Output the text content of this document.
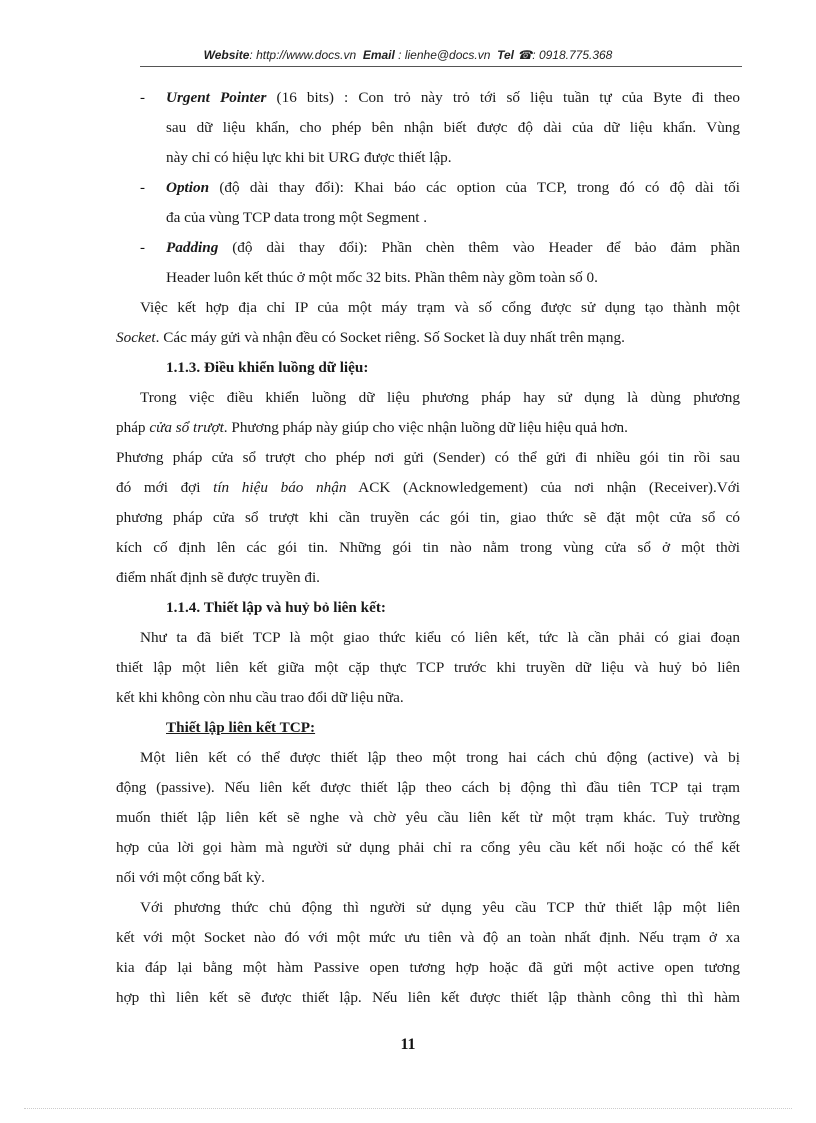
Website: http://www.docs.vn Email : lienhe@docs.vn Tel ☎: 0918.775.368
- Urgent Pointer (16 bits) : Con trỏ này trỏ tới số liệu tuần tự của Byte đi theo
sau dữ liệu khẩn, cho phép bên nhận biết được độ dài của dữ liệu khẩn. Vùng
này chỉ có hiệu lực khi bit URG được thiết lập.
- Option (độ dài thay đổi): Khai báo các option của TCP, trong đó có độ dài tối
đa của vùng TCP data trong một Segment .
- Padding (độ dài thay đổi): Phần chèn thêm vào Header để bảo đảm phần
Header luôn kết thúc ở một mốc 32 bits. Phần thêm này gồm toàn số 0.
Việc kết hợp địa chỉ IP của một máy trạm và số cổng được sử dụng tạo thành một
Socket. Các máy gửi và nhận đều có Socket riêng. Số Socket là duy nhất trên mạng.
1.1.3. Điều khiển luồng dữ liệu:
Trong việc điều khiển luồng dữ liệu phương pháp hay sử dụng là dùng phương
pháp cửa sổ trượt. Phương pháp này giúp cho việc nhận luồng dữ liệu hiệu quả hơn.
Phương pháp cửa sổ trượt cho phép nơi gửi (Sender) có thể gửi đi nhiều gói tin rồi sau
đó mới đợi tín hiệu báo nhận ACK (Acknowledgement) của nơi nhận (Receiver).Với
phương pháp cửa sổ trượt khi cần truyền các gói tin, giao thức sẽ đặt một cửa sổ có
kích cố định lên các gói tin. Những gói tin nào nằm trong vùng cửa sổ ở một thời
điểm nhất định sẽ được truyền đi.
1.1.4. Thiết lập và huỷ bỏ liên kết:
Như ta đã biết TCP là một giao thức kiểu có liên kết, tức là cần phải có giai đoạn
thiết lập một liên kết giữa một cặp thực TCP trước khi truyền dữ liệu và huỷ bỏ liên
kết khi không còn nhu cầu trao đổi dữ liệu nữa.
Thiết lập liên kết TCP:
Một liên kết có thể được thiết lập theo một trong hai cách chủ động (active) và bị
động (passive). Nếu liên kết được thiết lập theo cách bị động thì đầu tiên TCP tại trạm
muốn thiết lập liên kết sẽ nghe và chờ yêu cầu liên kết từ một trạm khác. Tuỳ trường
hợp của lời gọi hàm mà người sử dụng phải chỉ ra cổng yêu cầu kết nối hoặc có thể kết
nối với một cổng bất kỳ.
Với phương thức chủ động thì người sử dụng yêu cầu TCP thử thiết lập một liên
kết với một Socket nào đó với một mức ưu tiên và độ an toàn nhất định. Nếu trạm ở xa
kia đáp lại bằng một hàm Passive open tương hợp hoặc đã gửi một active open tương
hợp thì liên kết sẽ được thiết lập. Nếu liên kết được thiết lập thành công thì thì hàm
11
